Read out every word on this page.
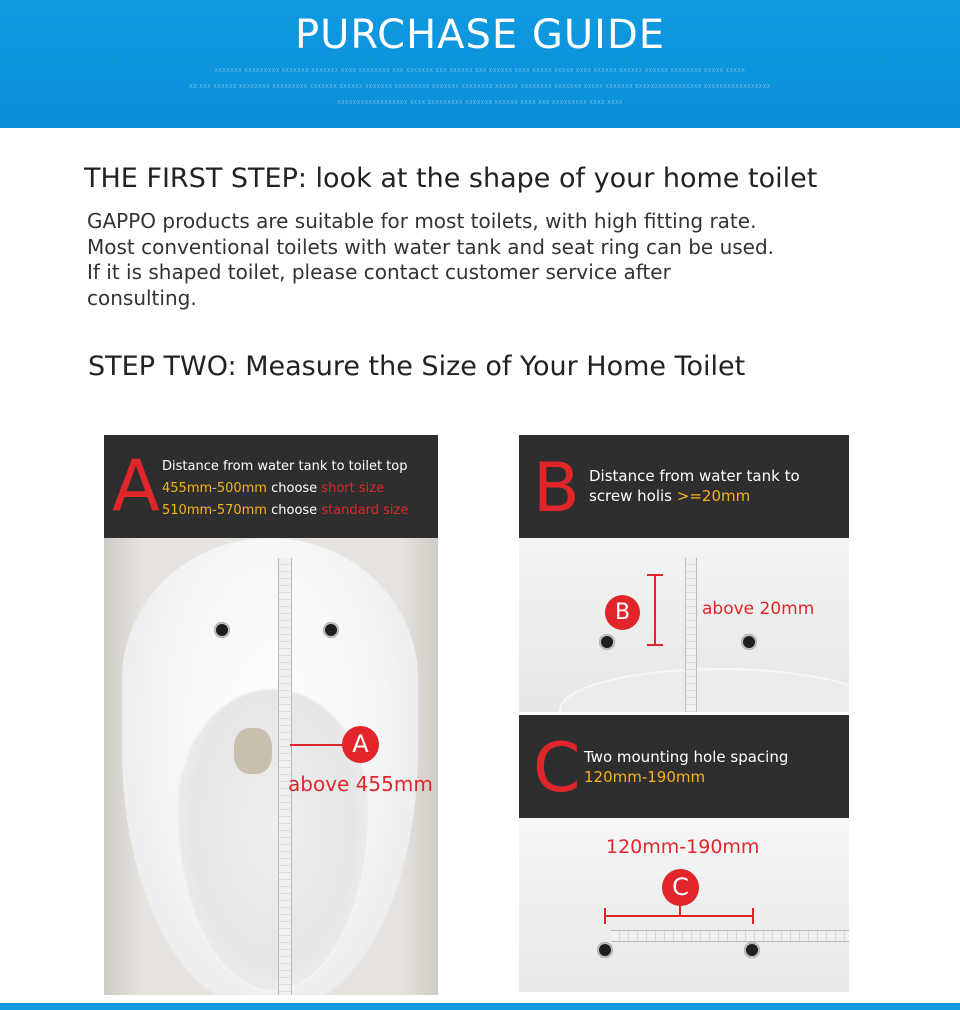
PURCHASE GUIDE
XXXXXXX XXXXXXXXX XXXXXXX XXXXXXX XXXX XXXXXXXX XXX XXXXXXX XXX XXXXXX XXX XXXXXX XXXX XXXXX XXXXX XXXX XXXXXX XXXXXX XXXXXX XXXXXXXX XXXXX XXXXX
XX XXX XXXXXX XXXXXXXX XXXXXXXXX XXXXXXX XXXXXX XXXXXXX XXXXXXXXX XXXXXXX XXXXXXXX XXXXXX XXXXXXXX XXXXXXX XXXXX XXXXXXX XXXXXXXXXXXXXXXXX XXXXXXXXXXXXXXXXX
XXXXXXXXXXXXXXXXXX XXXX XXXXXXXXX XXXXXXX XXXXXX XXXX XXX XXXXXXXXX XXXX XXXX
THE FIRST STEP: look at the shape of your home toilet
GAPPO products are suitable for most toilets, with high fitting rate.
Most conventional toilets with water tank and seat ring can be used.
If it is shaped toilet, please contact customer service after
consulting.
STEP TWO: Measure the Size of Your Home Toilet
A Distance from water tank to toilet top
455mm-500mm choose short size
510mm-570mm choose standard size
A
above 455mm
B Distance from water tank to
screw holis >=20mm
B	above 20mm
C Two mounting hole spacing
120mm-190mm
120mm-190mm
C
